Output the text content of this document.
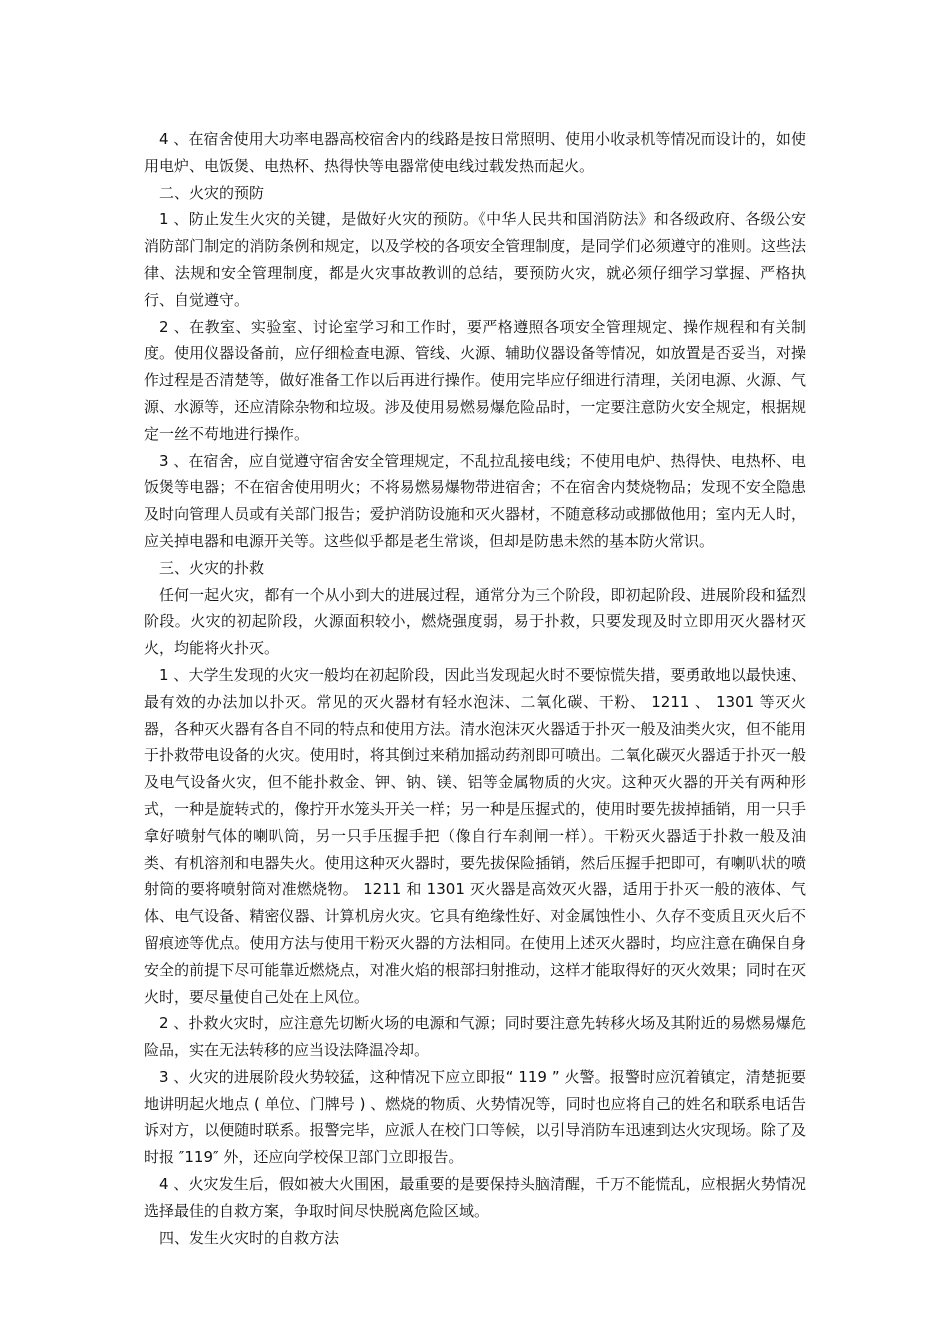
4 、在宿舍使用大功率电器高校宿舍内的线路是按日常照明、使用小收录机等情况而设计的，如使用电炉、电饭煲、电热杯、热得快等电器常使电线过载发热而起火。

二、火灾的预防

1 、防止发生火灾的关键，是做好火灾的预防。《中华人民共和国消防法》和各级政府、各级公安消防部门制定的消防条例和规定，以及学校的各项安全管理制度，是同学们必须遵守的准则。这些法律、法规和安全管理制度，都是火灾事故教训的总结，要预防火灾，就必须仔细学习掌握、严格执行、自觉遵守。

2 、在教室、实验室、讨论室学习和工作时，要严格遵照各项安全管理规定、操作规程和有关制度。使用仪器设备前，应仔细检查电源、管线、火源、辅助仪器设备等情况，如放置是否妥当，对操作过程是否清楚等，做好准备工作以后再进行操作。使用完毕应仔细进行清理，关闭电源、火源、气源、水源等，还应清除杂物和垃圾。涉及使用易燃易爆危险品时，一定要注意防火安全规定，根据规定一丝不苟地进行操作。

3 、在宿舍，应自觉遵守宿舍安全管理规定，不乱拉乱接电线；不使用电炉、热得快、电热杯、电饭煲等电器；不在宿舍使用明火；不将易燃易爆物带进宿舍；不在宿舍内焚烧物品；发现不安全隐患及时向管理人员或有关部门报告；爱护消防设施和灭火器材，不随意移动或挪做他用；室内无人时，应关掉电器和电源开关等。这些似乎都是老生常谈，但却是防患未然的基本防火常识。

三、火灾的扑救

任何一起火灾，都有一个从小到大的进展过程，通常分为三个阶段，即初起阶段、进展阶段和猛烈阶段。火灾的初起阶段，火源面积较小，燃烧强度弱，易于扑救，只要发现及时立即用灭火器材灭火，均能将火扑灭。

1 、大学生发现的火灾一般均在初起阶段，因此当发现起火时不要惊慌失措，要勇敢地以最快速、最有效的办法加以扑灭。常见的灭火器材有轻水泡沫、二氧化碳、干粉、 1211 、 1301 等灭火器，各种灭火器有各自不同的特点和使用方法。清水泡沫灭火器适于扑灭一般及油类火灾，但不能用于扑救带电设备的火灾。使用时，将其倒过来稍加摇动药剂即可喷出。二氧化碳灭火器适于扑灭一般及电气设备火灾，但不能扑救金、钾、钠、镁、铝等金属物质的火灾。这种灭火器的开关有两种形式，一种是旋转式的，像拧开水笼头开关一样；另一种是压握式的，使用时要先拔掉插销，用一只手拿好喷射气体的喇叭筒，另一只手压握手把（像自行车刹闸一样）。干粉灭火器适于扑救一般及油类、有机溶剂和电器失火。使用这种灭火器时，要先拔保险插销，然后压握手把即可，有喇叭状的喷射筒的要将喷射筒对准燃烧物。 1211 和 1301 灭火器是高效灭火器，适用于扑灭一般的液体、气体、电气设备、精密仪器、计算机房火灾。它具有绝缘性好、对金属蚀性小、久存不变质且灭火后不留痕迹等优点。使用方法与使用干粉灭火器的方法相同。在使用上述灭火器时，均应注意在确保自身安全的前提下尽可能靠近燃烧点，对准火焰的根部扫射推动，这样才能取得好的灭火效果；同时在灭火时，要尽量使自己处在上风位。

2 、扑救火灾时，应注意先切断火场的电源和气源；同时要注意先转移火场及其附近的易燃易爆危险品，实在无法转移的应当设法降温冷却。

3 、火灾的进展阶段火势较猛，这种情况下应立即报“ 119 ” 火警。报警时应沉着镇定，清楚扼要地讲明起火地点 ( 单位、门牌号 ) 、燃烧的物质、火势情况等，同时也应将自己的姓名和联系电话告诉对方，以便随时联系。报警完毕，应派人在校门口等候，以引导消防车迅速到达火灾现场。除了及时报 ″119″ 外，还应向学校保卫部门立即报告。

4 、火灾发生后，假如被大火围困，最重要的是要保持头脑清醒，千万不能慌乱，应根据火势情况选择最佳的自救方案，争取时间尽快脱离危险区域。

四、发生火灾时的自救方法
